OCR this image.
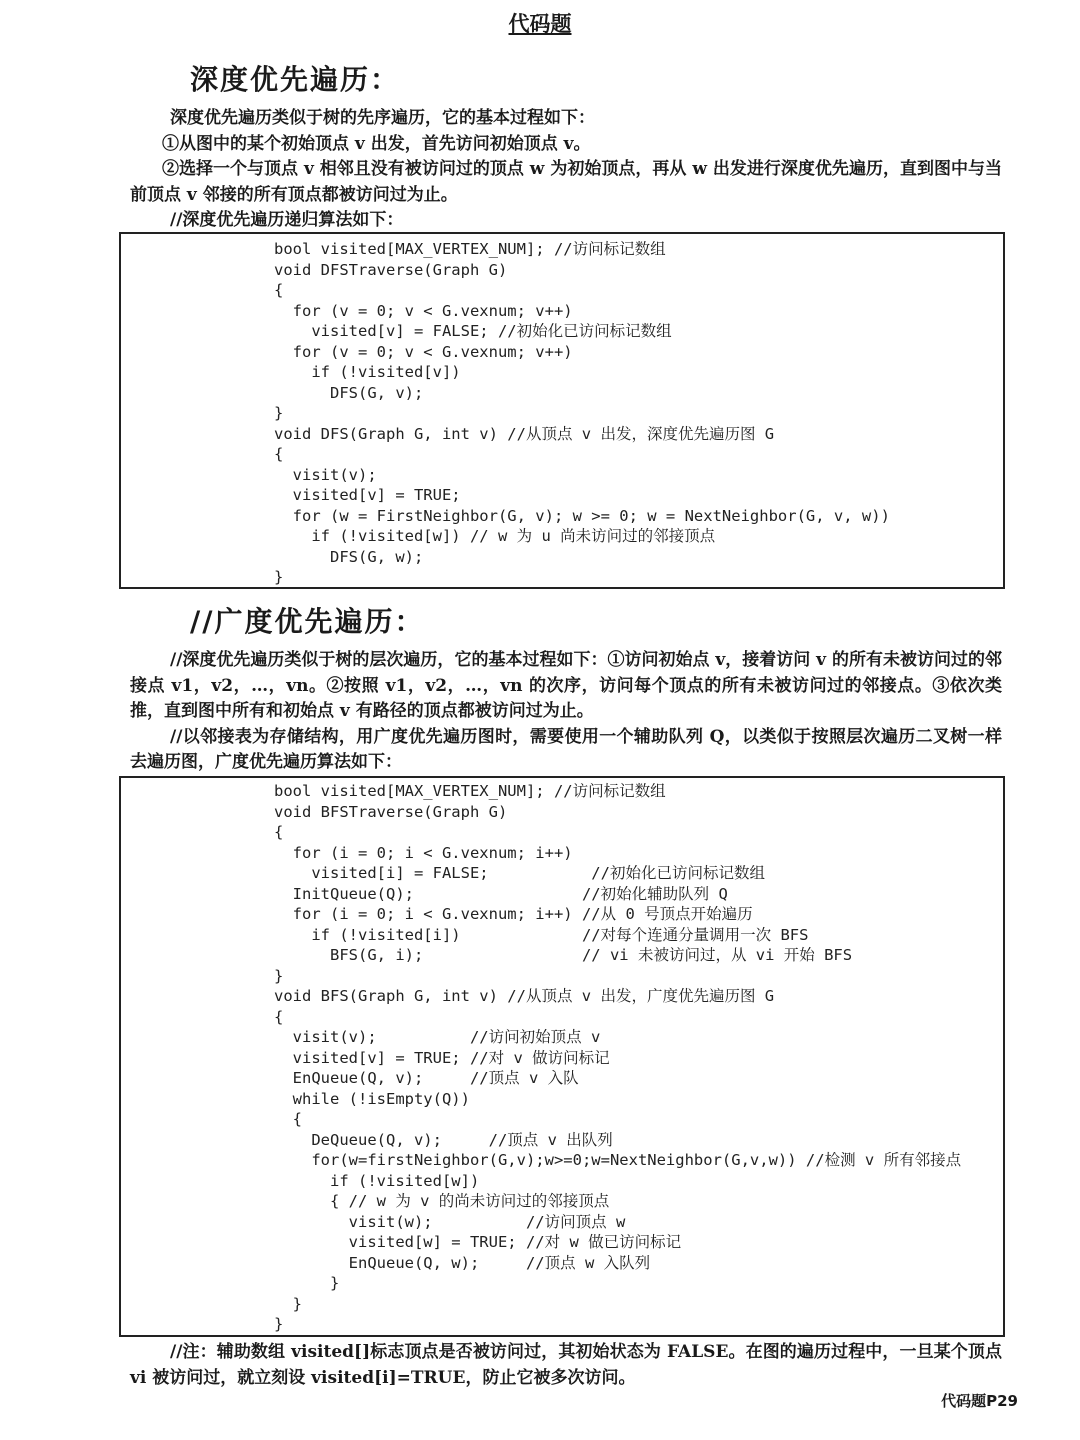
代码题
深度优先遍历：

深度优先遍历类似于树的先序遍历，它的基本过程如下：

①从图中的某个初始顶点 v 出发，首先访问初始顶点 v。

②选择一个与顶点 v 相邻且没有被访问过的顶点 w 为初始顶点，再从 w 出发进行深度优先遍历，直到图中与当前顶点 v 邻接的所有顶点都被访问过为止。

//深度优先遍历递归算法如下：

bool visited[MAX_VERTEX_NUM]; //访问标记数组
void DFSTraverse(Graph G)
{
for (v = 0; v < G.vexnum; v++)
visited[v] = FALSE; //初始化已访问标记数组
for (v = 0; v < G.vexnum; v++)
if (!visited[v])
DFS(G, v);
}
void DFS(Graph G, int v) //从顶点 v 出发，深度优先遍历图 G
{
visit(v);
visited[v] = TRUE;
for (w = FirstNeighbor(G, v); w >= 0; w = NextNeighbor(G, v, w))
if (!visited[w]) // w 为 u 尚未访问过的邻接顶点
DFS(G, w);
}
//广度优先遍历：

//深度优先遍历类似于树的层次遍历，它的基本过程如下：①访问初始点 v，接着访问 v 的所有未被访问过的邻接点 v1，v2，…，vn。②按照 v1，v2，…，vn 的次序，访问每个顶点的所有未被访问过的邻接点。③依次类推，直到图中所有和初始点 v 有路径的顶点都被访问过为止。

//以邻接表为存储结构，用广度优先遍历图时，需要使用一个辅助队列 Q，以类似于按照层次遍历二叉树一样去遍历图，广度优先遍历算法如下：

bool visited[MAX_VERTEX_NUM]; //访问标记数组
void BFSTraverse(Graph G)
{
for (i = 0; i < G.vexnum; i++)
visited[i] = FALSE;           //初始化已访问标记数组
InitQueue(Q);                  //初始化辅助队列 Q
for (i = 0; i < G.vexnum; i++) //从 0 号顶点开始遍历
if (!visited[i])             //对每个连通分量调用一次 BFS
BFS(G, i);                 // vi 未被访问过，从 vi 开始 BFS
}
void BFS(Graph G, int v) //从顶点 v 出发，广度优先遍历图 G
{
visit(v);          //访问初始顶点 v
visited[v] = TRUE; //对 v 做访问标记
EnQueue(Q, v);     //顶点 v 入队
while (!isEmpty(Q))
{
DeQueue(Q, v);     //顶点 v 出队列
for(w=firstNeighbor(G,v);w>=0;w=NextNeighbor(G,v,w)) //检测 v 所有邻接点
if (!visited[w])
{ // w 为 v 的尚未访问过的邻接顶点
visit(w);          //访问顶点 w
visited[w] = TRUE; //对 w 做已访问标记
EnQueue(Q, w);     //顶点 w 入队列
}
}
}

//注：辅助数组 visited[]标志顶点是否被访问过，其初始状态为 FALSE。在图的遍历过程中，一旦某个顶点 vi 被访问过，就立刻设 visited[i]=TRUE，防止它被多次访问。

代码题P29
